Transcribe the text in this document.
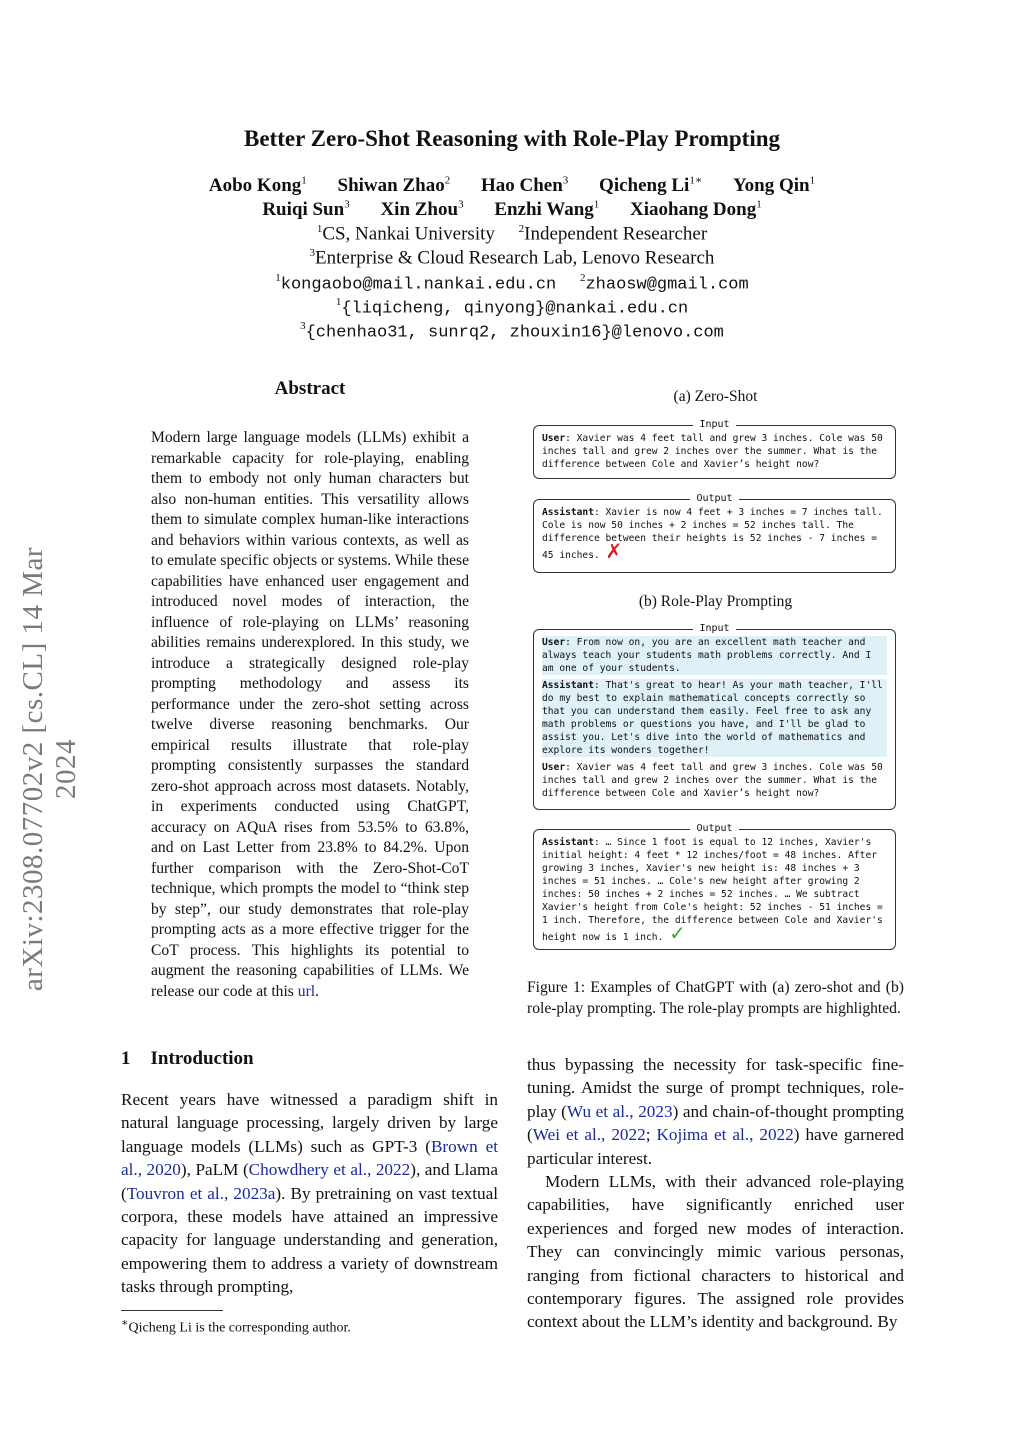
arXiv:2308.07702v2 [cs.CL] 14 Mar 2024
Better Zero-Shot Reasoning with Role-Play Prompting
Aobo Kong$^1$ Shiwan Zhao$^2$ Hao Chen$^3$ Qicheng $Li^{1∗}$ Yong Qin$^1$
Ruiqi Sun$^3$ Xin Zhou$^3$ Enzhi Wang$^1$ Xiaohang Dong$^1$
$^1$CS, Nankai University $^2$Independent Researcher
$^3$Enterprise & Cloud Research Lab, Lenovo Research
$^1$kongaobo@mail.nankai.edu.cn $^2$zhaosw@gmail.com
$^1${liqicheng, qinyong}@nankai.edu.cn
$^3${chenhao31, sunrq2, zhouxin16}@lenovo.com
Abstract
Modern large language models (LLMs) exhibit a remarkable capacity for role-playing, enabling them to embody not only human characters but also non-human entities. This versatility allows them to simulate complex human-like interactions and behaviors within various contexts, as well as to emulate specific objects or systems. While these capabilities have enhanced user engagement and introduced novel modes of interaction, the influence of role-playing on LLMs’ reasoning abilities remains underexplored. In this study, we introduce a strategically designed role-play prompting methodology and assess its performance under the zero-shot setting across twelve diverse reasoning benchmarks. Our empirical results illustrate that role-play prompting consistently surpasses the standard zero-shot approach across most datasets. Notably, in experiments conducted using ChatGPT, accuracy on AQuA rises from 53.5% to 63.8%, and on Last Letter from 23.8% to 84.2%. Upon further comparison with the Zero-Shot-CoT technique, which prompts the model to “think step by step”, our study demonstrates that role-play prompting acts as a more effective trigger for the CoT process. This highlights its potential to augment the reasoning capabilities of LLMs. We release our code at this url.
(a) Zero-Shot
Input
User: Xavier was 4 feet tall and grew 3 inches. Cole was 50 inches tall and grew 2 inches over the summer. What is the difference between Cole and Xavier’s height now?
Output
Assistant: Xavier is now 4 feet + 3 inches = 7 inches tall. Cole is now 50 inches + 2 inches = 52 inches tall. The difference between their heights is 52 inches - 7 inches = 45 inches. ✗
(b) Role-Play Prompting
Input
User: From now on, you are an excellent math teacher and always teach your students math problems correctly. And I am one of your students.
Assistant: That's great to hear! As your math teacher, I'll do my best to explain mathematical concepts correctly so that you can understand them easily. Feel free to ask any math problems or questions you have, and I'll be glad to assist you. Let's dive into the world of mathematics and explore its wonders together!
User: Xavier was 4 feet tall and grew 3 inches. Cole was 50 inches tall and grew 2 inches over the summer. What is the difference between Cole and Xavier’s height now?
Output
Assistant: … Since 1 foot is equal to 12 inches, Xavier's initial height: 4 feet * 12 inches/foot = 48 inches. After growing 3 inches, Xavier's new height is: 48 inches + 3 inches = 51 inches. … Cole's new height after growing 2 inches: 50 inches + 2 inches = 52 inches. … We subtract Xavier's height from Cole's height: 52 inches - 51 inches = 1 inch. Therefore, the difference between Cole and Xavier's height now is 1 inch. ✓
Figure 1: Examples of ChatGPT with (a) zero-shot and (b) role-play prompting. The role-play prompts are highlighted.
1 Introduction

Recent years have witnessed a paradigm shift in natural language processing, largely driven by large language models (LLMs) such as GPT-3 (Brown et al., 2020), PaLM (Chowdhery et al., 2022), and Llama (Touvron et al., 2023a). By pretraining on vast textual corpora, these models have attained an impressive capacity for language understanding and generation, empowering them to address a variety of downstream tasks through prompting,

thus bypassing the necessity for task-specific fine-tuning. Amidst the surge of prompt techniques, role-play (Wu et al., 2023) and chain-of-thought prompting (Wei et al., 2022; Kojima et al., 2022) have garnered particular interest.

Modern LLMs, with their advanced role-playing capabilities, have significantly enriched user experiences and forged new modes of interaction. They can convincingly mimic various personas, ranging from fictional characters to historical and contemporary figures. The assigned role provides context about the LLM’s identity and background. By

∗Qicheng Li is the corresponding author.
